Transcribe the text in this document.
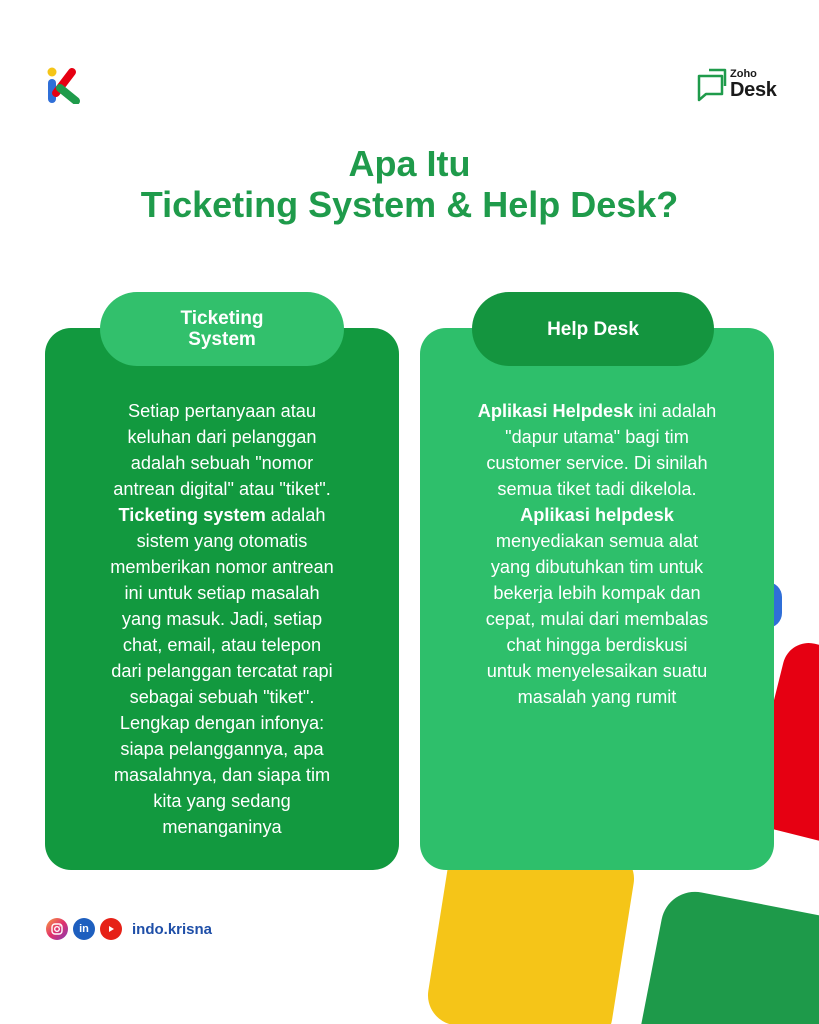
Zoho
Desk
Apa Itu
Ticketing System & Help Desk?
Ticketing
System	Help Desk
Setiap pertanyaan atau
keluhan dari pelanggan
adalah sebuah "nomor
antrean digital" atau "tiket".
Ticketing system adalah
sistem yang otomatis
memberikan nomor antrean
ini untuk setiap masalah
yang masuk. Jadi, setiap
chat, email, atau telepon
dari pelanggan tercatat rapi
sebagai sebuah "tiket".
Lengkap dengan infonya:
siapa pelanggannya, apa
masalahnya, dan siapa tim
kita yang sedang
menanganinya
Aplikasi Helpdesk ini adalah
"dapur utama" bagi tim
customer service. Di sinilah
semua tiket tadi dikelola.
Aplikasi helpdesk
menyediakan semua alat
yang dibutuhkan tim untuk
bekerja lebih kompak dan
cepat, mulai dari membalas
chat hingga berdiskusi
untuk menyelesaikan suatu
masalah yang rumit
in	indo.krisna
